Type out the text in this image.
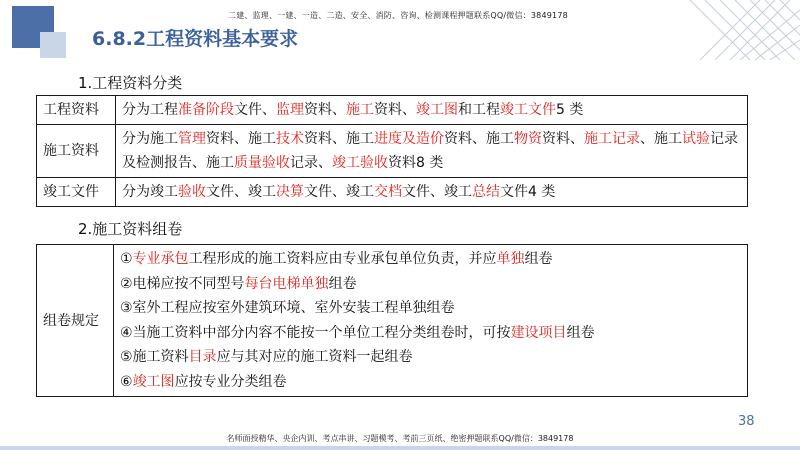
二建、监理、一建、一造、二造、安全、消防、咨询、检测课程押题联系QQ/微信：3849178
6.8.2工程资料基本要求
1.工程资料分类
工程资料	分为工程准备阶段文件、监理资料、施工资料、竣工图和工程竣工文件5 类
施工资料	分为施工管理资料、施工技术资料、施工进度及造价资料、施工物资资料、施工记录、施工试验记录及检测报告、施工质量验收记录、竣工验收资料8 类
竣工文件	分为竣工验收文件、竣工决算文件、竣工交档文件、竣工总结文件4 类
2.施工资料组卷
组卷规定	
①专业承包工程形成的施工资料应由专业承包单位负责，并应单独组卷
②电梯应按不同型号每台电梯单独组卷
③室外工程应按室外建筑环境、室外安装工程单独组卷
④当施工资料中部分内容不能按一个单位工程分类组卷时，可按建设项目组卷
⑤施工资料目录应与其对应的施工资料一起组卷
⑥竣工图应按专业分类组卷
38
名师面授精华、央企内训、考点串讲、习题模考、考前三页纸、绝密押题联系QQ/微信：3849178
